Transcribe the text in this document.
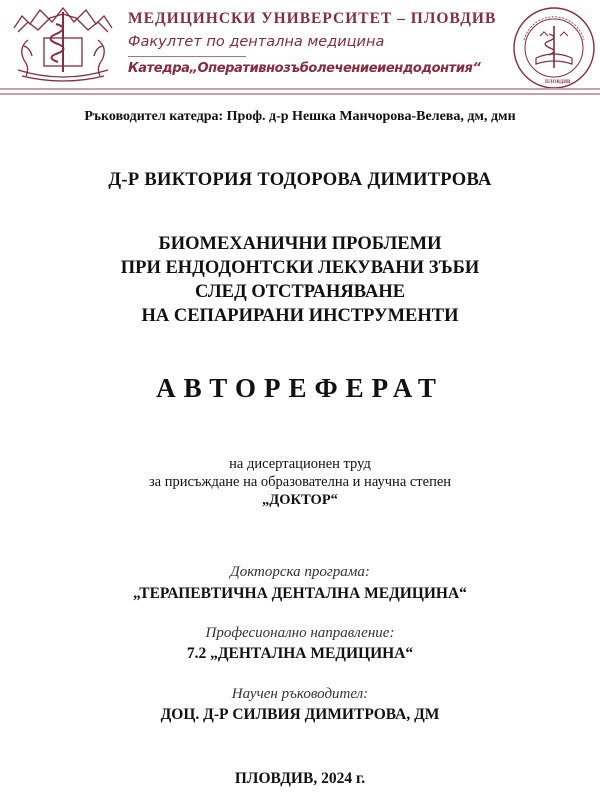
МЕДИЦИНСКИ УНИВЕРСИТЕТ – ПЛОВДИВ
Факултет по дентална медицина
Катедра„Оперативнозъболечениеиендодонтия“
ПЛОВДИВ
Ръководител катедра: Проф. д-р Нешка Манчорова-Велева, дм, дмн
Д-Р ВИКТОРИЯ ТОДОРОВА ДИМИТРОВА
БИОМЕХАНИЧНИ ПРОБЛЕМИ
ПРИ ЕНДОДОНТСКИ ЛЕКУВАНИ ЗЪБИ
СЛЕД ОТСТРАНЯВАНЕ
НА СЕПАРИРАНИ ИНСТРУМЕНТИ
АВТОРЕФЕРАТ
на дисертационен труд
за присъждане на образователна и научна степен
„ДОКТОР“
Докторска програма:
„ТЕРАПЕВТИЧНА ДЕНТАЛНА МЕДИЦИНА“
Професионално направление:
7.2 „ДЕНТАЛНА МЕДИЦИНА“
Научен ръководител:
ДОЦ. Д-Р СИЛВИЯ ДИМИТРОВА, ДМ
ПЛОВДИВ, 2024 г.
